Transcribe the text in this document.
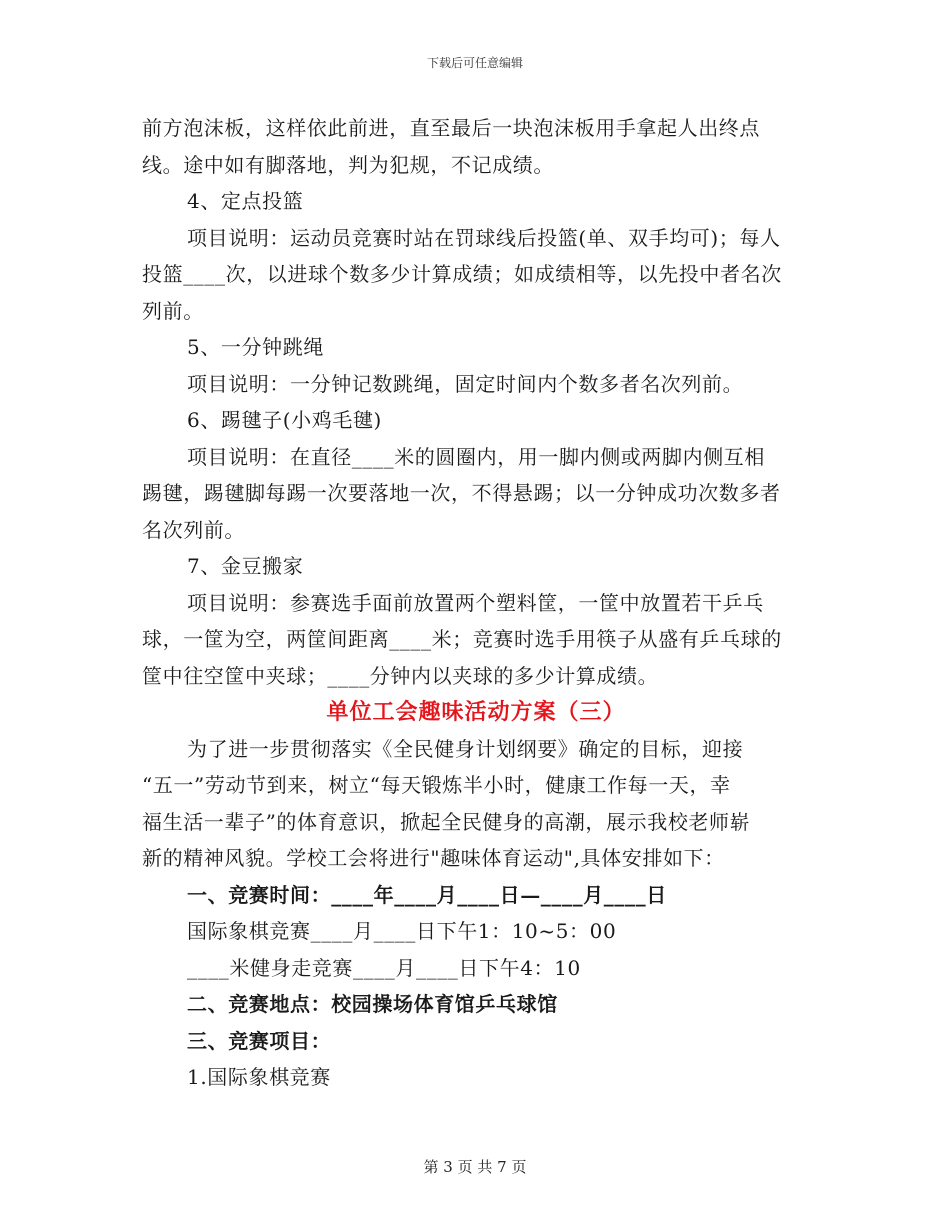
下载后可任意编辑

前方泡沫板，这样依此前进，直至最后一块泡沫板用手拿起人出终点
线。途中如有脚落地，判为犯规，不记成绩。

4、定点投篮

项目说明：运动员竞赛时站在罚球线后投篮(单、双手均可)；每人
投篮____次，以进球个数多少计算成绩；如成绩相等，以先投中者名次
列前。

5、一分钟跳绳

项目说明：一分钟记数跳绳，固定时间内个数多者名次列前。

6、踢毽子(小鸡毛毽)

项目说明：在直径____米的圆圈内，用一脚内侧或两脚内侧互相
踢毽，踢毽脚每踢一次要落地一次，不得悬踢；以一分钟成功次数多者
名次列前。

7、金豆搬家

项目说明：参赛选手面前放置两个塑料筐，一筐中放置若干乒乓
球，一筐为空，两筐间距离____米；竞赛时选手用筷子从盛有乒乓球的
筐中往空筐中夹球；____分钟内以夹球的多少计算成绩。

单位工会趣味活动方案（三）

为了进一步贯彻落实《全民健身计划纲要》确定的目标，迎接
“五一”劳动节到来，树立“每天锻炼半小时，健康工作每一天，幸
福生活一辈子”的体育意识，掀起全民健身的高潮，展示我校老师崭
新的精神风貌。学校工会将进行"趣味体育运动",具体安排如下：

一、竞赛时间：____年____月____日—____月____日

国际象棋竞赛____月____日下午1：10~5：00

____米健身走竞赛____月____日下午4：10

二、竞赛地点：校园操场体育馆乒乓球馆

三、竞赛项目：

1.国际象棋竞赛

第 3 页 共 7 页
